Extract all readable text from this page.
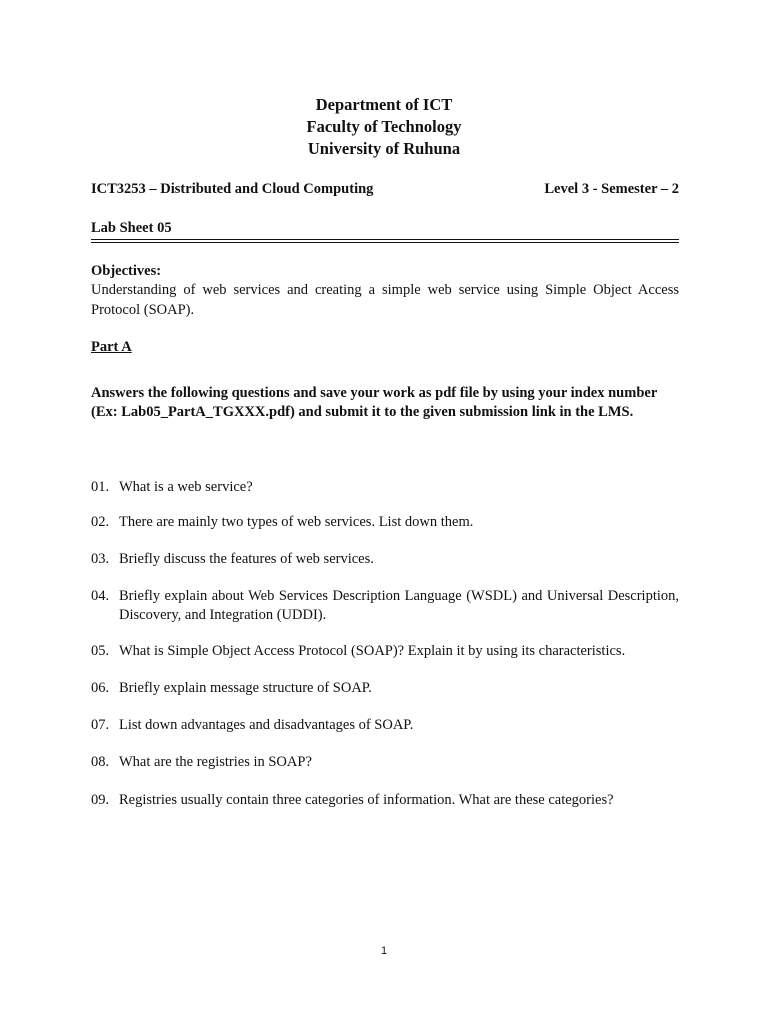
Department of ICT
Faculty of Technology
University of Ruhuna
ICT3253 – Distributed and Cloud Computing	Level 3 - Semester – 2
Lab Sheet 05
Objectives:
Understanding of web services and creating a simple web service using Simple Object Access Protocol (SOAP).
Part A
Answers the following questions and save your work as pdf file by using your index number (Ex: Lab05_PartA_TGXXX.pdf) and submit it to the given submission link in the LMS.
01. What is a web service?
02. There are mainly two types of web services. List down them.
03. Briefly discuss the features of web services.
04. Briefly explain about Web Services Description Language (WSDL) and Universal Description, Discovery, and Integration (UDDI).
05. What is Simple Object Access Protocol (SOAP)? Explain it by using its characteristics.
06. Briefly explain message structure of SOAP.
07. List down advantages and disadvantages of SOAP.
08. What are the registries in SOAP?
09. Registries usually contain three categories of information. What are these categories?
1
